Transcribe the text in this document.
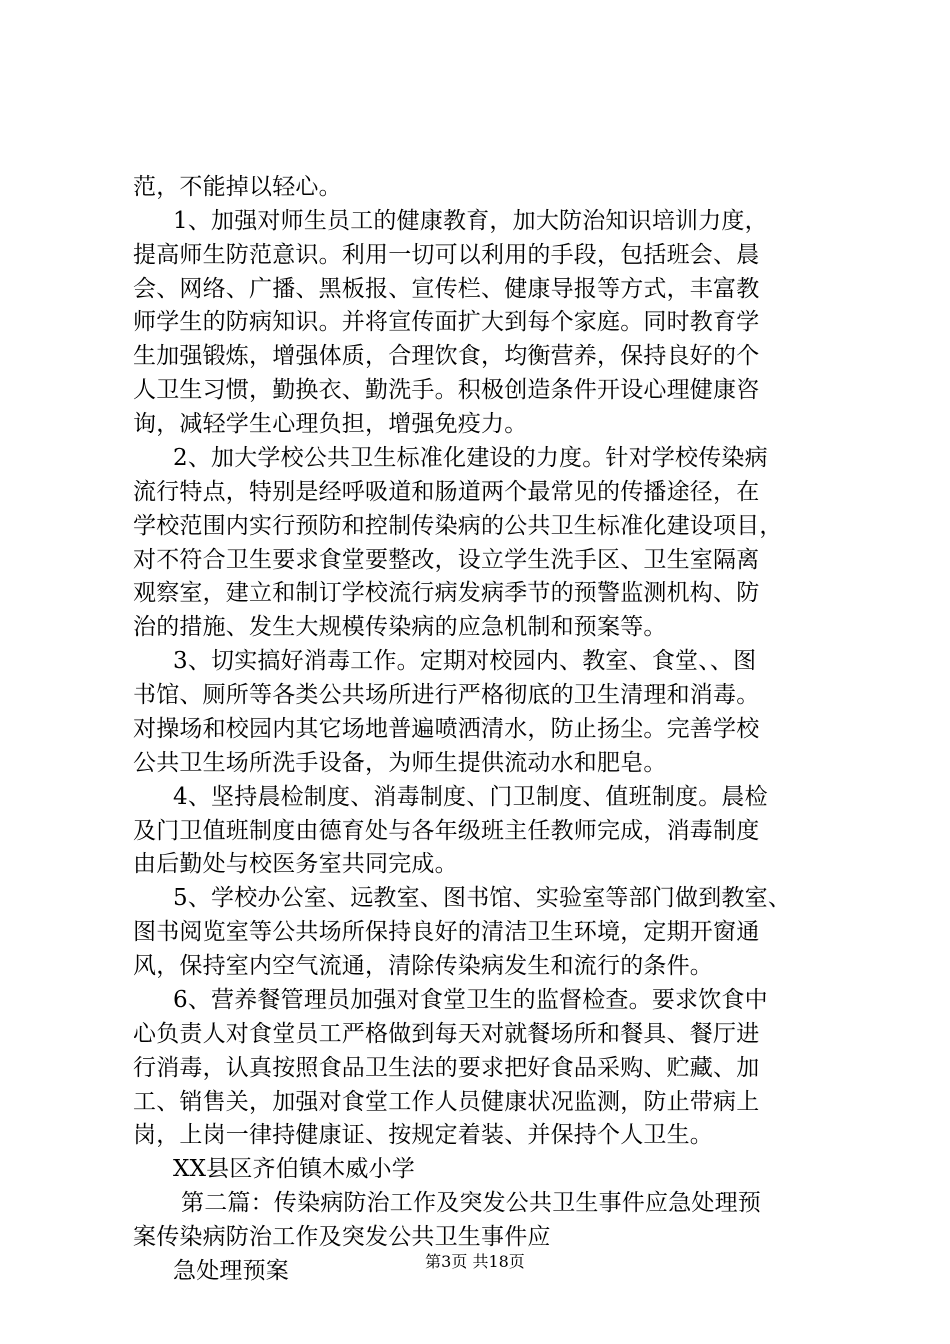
范，不能掉以轻心。
1、加强对师生员工的健康教育，加大防治知识培训力度，
提高师生防范意识。利用一切可以利用的手段，包括班会、晨
会、网络、广播、黑板报、宣传栏、健康导报等方式，丰富教
师学生的防病知识。并将宣传面扩大到每个家庭。同时教育学
生加强锻炼，增强体质，合理饮食，均衡营养，保持良好的个
人卫生习惯，勤换衣、勤洗手。积极创造条件开设心理健康咨
询，减轻学生心理负担，增强免疫力。
2、加大学校公共卫生标准化建设的力度。针对学校传染病
流行特点，特别是经呼吸道和肠道两个最常见的传播途径，在
学校范围内实行预防和控制传染病的公共卫生标准化建设项目，
对不符合卫生要求食堂要整改，设立学生洗手区、卫生室隔离
观察室，建立和制订学校流行病发病季节的预警监测机构、防
治的措施、发生大规模传染病的应急机制和预案等。
3、切实搞好消毒工作。定期对校园内、教室、食堂、、图
书馆、厕所等各类公共场所进行严格彻底的卫生清理和消毒。
对操场和校园内其它场地普遍喷洒清水，防止扬尘。完善学校
公共卫生场所洗手设备，为师生提供流动水和肥皂。
4、坚持晨检制度、消毒制度、门卫制度、值班制度。晨检
及门卫值班制度由德育处与各年级班主任教师完成，消毒制度
由后勤处与校医务室共同完成。
5、学校办公室、远教室、图书馆、实验室等部门做到教室、
图书阅览室等公共场所保持良好的清洁卫生环境，定期开窗通
风，保持室内空气流通，清除传染病发生和流行的条件。
6、营养餐管理员加强对食堂卫生的监督检查。要求饮食中
心负责人对食堂员工严格做到每天对就餐场所和餐具、餐厅进
行消毒，认真按照食品卫生法的要求把好食品采购、贮藏、加
工、销售关，加强对食堂工作人员健康状况监测，防止带病上
岗，上岗一律持健康证、按规定着装、并保持个人卫生。
XX县区齐伯镇木威小学
第二篇：传染病防治工作及突发公共卫生事件应急处理预
案传染病防治工作及突发公共卫生事件应
第3页 共18页
急处理预案
